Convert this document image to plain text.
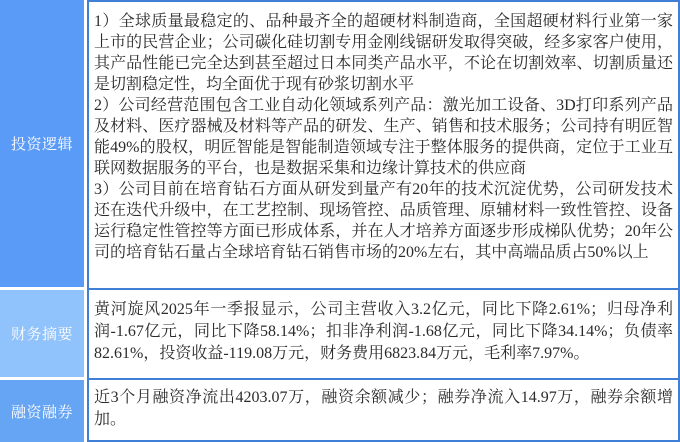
投资逻辑

1）全球质量最稳定的、品种最齐全的超硬材料制造商，全国超硬材料行业第一家上市的民营企业；公司碳化硅切割专用金刚线锯研发取得突破，经多家客户使用，其产品性能已完全达到甚至超过日本同类产品水平，不论在切割效率、切割质量还是切割稳定性，均全面优于现有砂浆切割水平

2）公司经营范围包含工业自动化领域系列产品：激光加工设备、3D打印系列产品及材料、医疗器械及材料等产品的研发、生产、销售和技术服务；公司持有明匠智能49%的股权，明匠智能是智能制造领域专注于整体服务的提供商，定位于工业互联网数据服务的平台，也是数据采集和边缘计算技术的供应商

3）公司目前在培育钻石方面从研发到量产有20年的技术沉淀优势，公司研发技术还在迭代升级中，在工艺控制、现场管控、品质管理、原辅材料一致性管控、设备运行稳定性管控等方面已形成体系，并在人才培养方面逐步形成梯队优势；20年公司的培育钻石量占全球培育钻石销售市场的20%左右，其中高端品质占50%以上

财务摘要

黄河旋风2025年一季报显示，公司主营收入3.2亿元，同比下降2.61%；归母净利润-1.67亿元，同比下降58.14%；扣非净利润-1.68亿元，同比下降34.14%；负债率82.61%，投资收益-119.08万元，财务费用6823.84万元，毛利率7.97%。

融资融券

近3个月融资净流出4203.07万，融资余额减少；融券净流入14.97万，融券余额增加。
